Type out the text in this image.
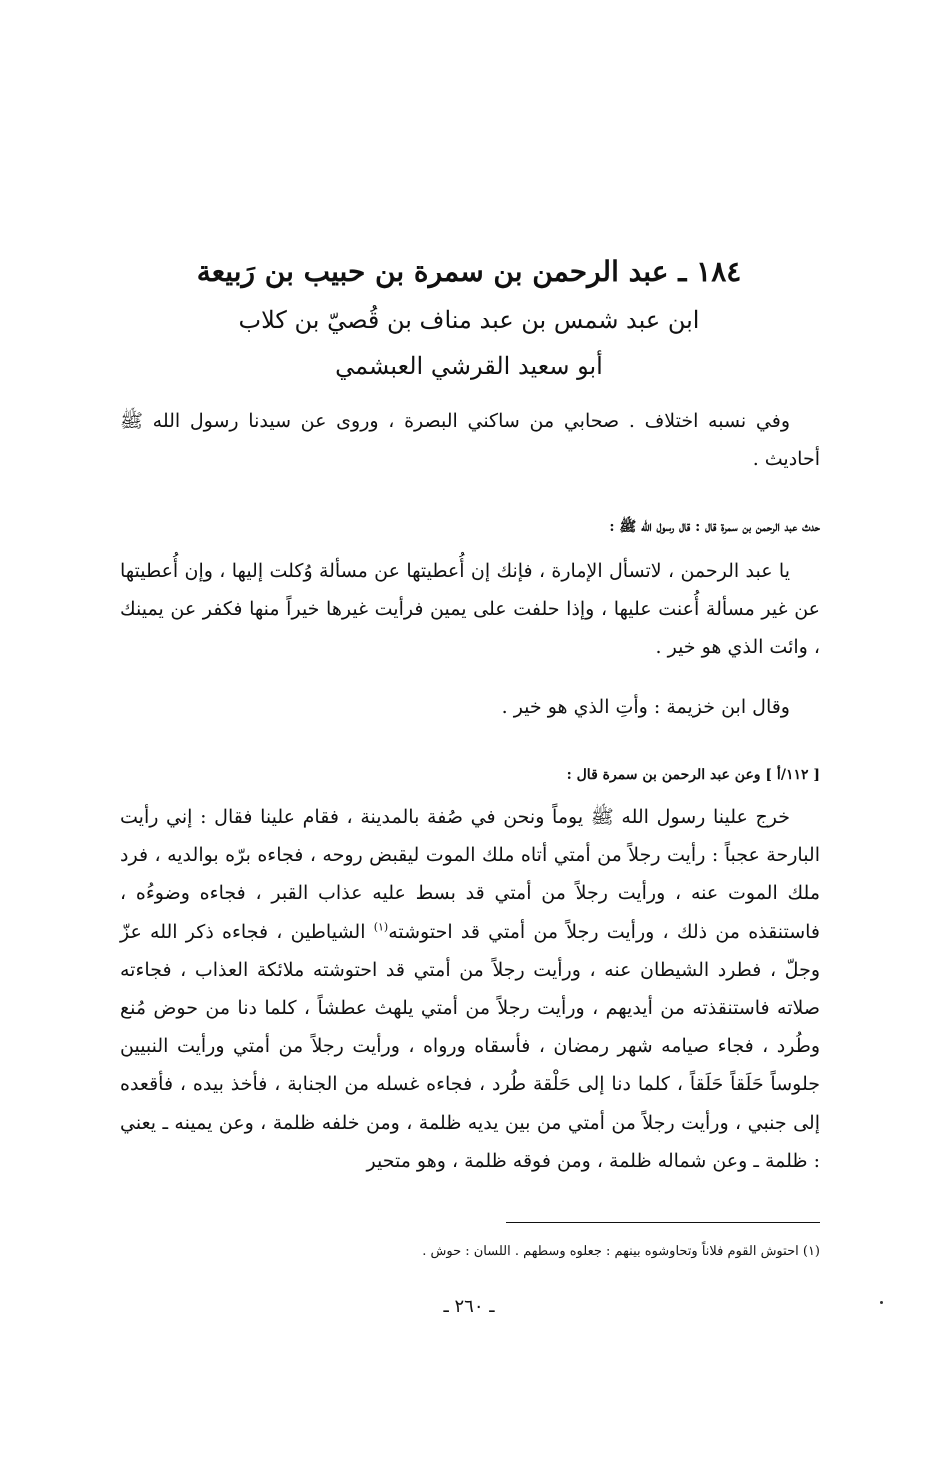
١٨٤ ـ عبد الرحمن بن سمرة بن حبيب بن رَبيعة
ابن عبد شمس بن عبد مناف بن قُصيّ بن كلاب
أبو سعيد القرشي العبشمي

وفي نسبه اختلاف . صحابي من ساكني البصرة ، وروى عن سيدنا رسول الله ﷺ أحاديث .

حدث عبد الرحمن بن سمرة قال : قال رسول الله ﷺ :

يا عبد الرحمن ، لاتسأل الإمارة ، فإنك إن أُعطيتها عن مسألة وُكلت إليها ، وإن أُعطيتها عن غير مسألة أُعنت عليها ، وإذا حلفت على يمين فرأيت غيرها خيراً منها فكفر عن يمينك ، وائت الذي هو خير .

وقال ابن خزيمة : وأتِ الذي هو خير .

[ ١١٢/أ ] وعن عبد الرحمن بن سمرة قال :

خرج علينا رسول الله ﷺ يوماً ونحن في صُفة بالمدينة ، فقام علينا فقال : إني رأيت البارحة عجباً : رأيت رجلاً من أمتي أتاه ملك الموت ليقبض روحه ، فجاءه برّه بوالديه ، فرد ملك الموت عنه ، ورأيت رجلاً من أمتي قد بسط عليه عذاب القبر ، فجاءه وضوءُه ، فاستنقذه من ذلك ، ورأيت رجلاً من أمتي قد احتوشته$^{(١)}$ الشياطين ، فجاءه ذكر الله عزّ وجلّ ، فطرد الشيطان عنه ، ورأيت رجلاً من أمتي قد احتوشته ملائكة العذاب ، فجاءته صلاته فاستنقذته من أيديهم ، ورأيت رجلاً من أمتي يلهث عطشاً ، كلما دنا من حوض مُنع وطُرد ، فجاء صيامه شهر رمضان ، فأسقاه ورواه ، ورأيت رجلاً من أمتي ورأيت النبيين جلوساً حَلَقاً حَلَقاً ، كلما دنا إلى حَلْقة طُرد ، فجاءه غسله من الجنابة ، فأخذ بيده ، فأقعده إلى جنبي ، ورأيت رجلاً من أمتي من بين يديه ظلمة ، ومن خلفه ظلمة ، وعن يمينه ـ يعني : ظلمة ـ وعن شماله ظلمة ، ومن فوقه ظلمة ، وهو متحير

(١) احتوش القوم فلاناً وتحاوشوه بينهم : جعلوه وسطهم . اللسان : حوش .
ـ ٢٦٠ ـ
